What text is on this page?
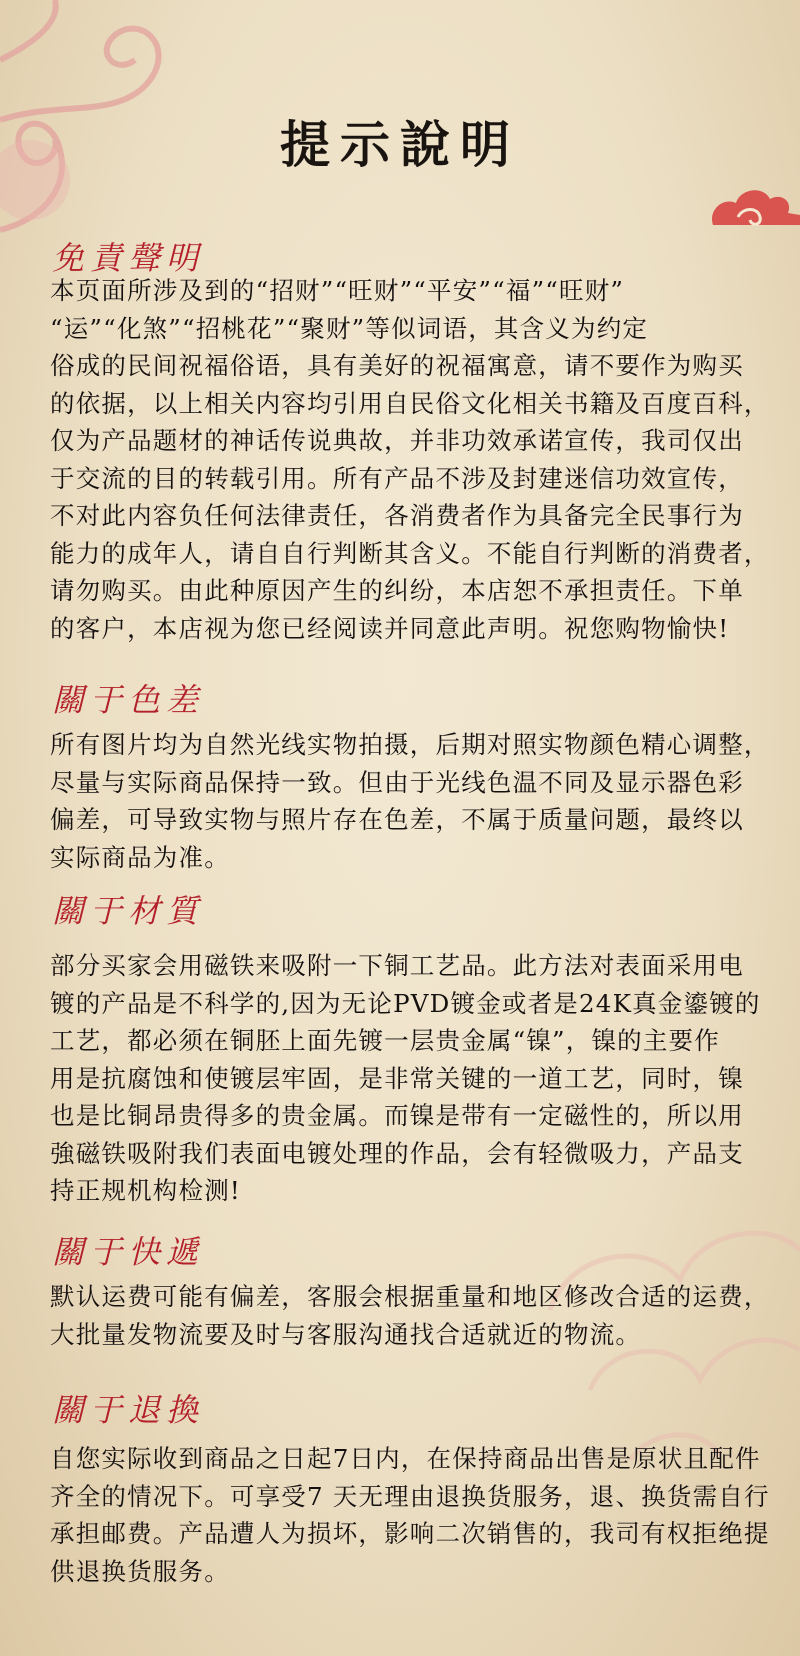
提示說明
免責聲明
本页面所涉及到的“招财”“旺财”“平安”“福”“旺财”
“运”“化煞”“招桃花”“聚财”等似词语，其含义为约定
俗成的民间祝福俗语，具有美好的祝福寓意，请不要作为购买
的依据，以上相关内容均引用自民俗文化相关书籍及百度百科，
仅为产品题材的神话传说典故，并非功效承诺宣传，我司仅出
于交流的目的转载引用。所有产品不涉及封建迷信功效宣传，
不对此内容负任何法律责任，各消费者作为具备完全民事行为
能力的成年人，请自自行判断其含义。不能自行判断的消费者，
请勿购买。由此种原因产生的纠纷，本店恕不承担责任。下单
的客户，本店视为您已经阅读并同意此声明。祝您购物愉快!
關于色差
所有图片均为自然光线实物拍摄，后期对照实物颜色精心调整，
尽量与实际商品保持一致。但由于光线色温不同及显示器色彩
偏差，可导致实物与照片存在色差，不属于质量问题，最终以
实际商品为准。
關于材質
部分买家会用磁铁来吸附一下铜工艺品。此方法对表面采用电
镀的产品是不科学的,因为无论PVD镀金或者是24K真金鎏镀的
工艺，都必须在铜胚上面先镀一层贵金属“镍”，镍的主要作
用是抗腐蚀和使镀层牢固，是非常关键的一道工艺，同时，镍
也是比铜昂贵得多的贵金属。而镍是带有一定磁性的，所以用
強磁铁吸附我们表面电镀处理的作品，会有轻微吸力，产品支
持正规机构检测!
關于快遞
默认运费可能有偏差，客服会根据重量和地区修改合适的运费，
大批量发物流要及时与客服沟通找合适就近的物流。
關于退換
自您实际收到商品之日起7日内，在保持商品出售是原状且配件
齐全的情况下。可享受7 天无理由退换货服务，退、换货需自行
承担邮费。产品遭人为损坏，影响二次销售的，我司有权拒绝提
供退换货服务。
